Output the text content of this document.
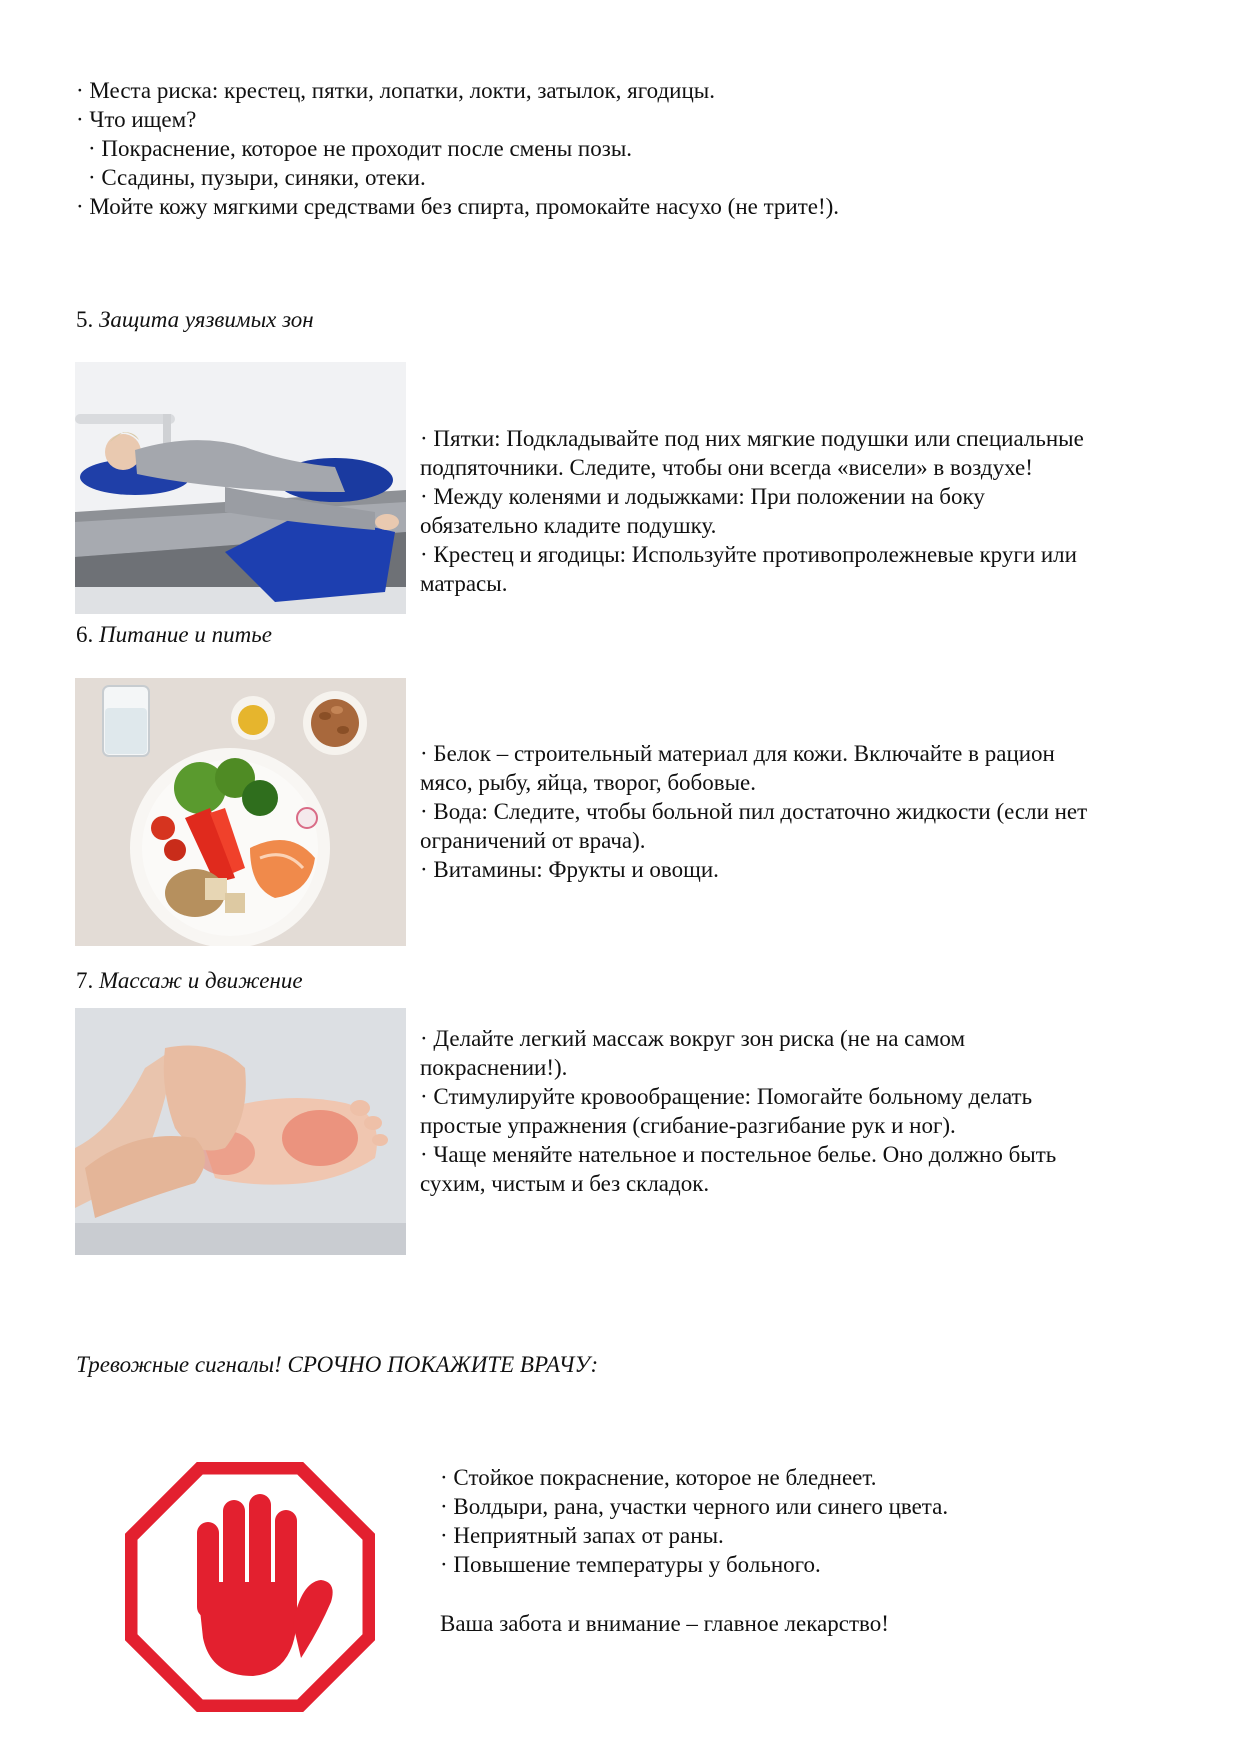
· Места риска: крестец, пятки, лопатки, локти, затылок, ягодицы.
· Что ищем?
· Покраснение, которое не проходит после смены позы.
· Ссадины, пузыри, синяки, отеки.
· Мойте кожу мягкими средствами без спирта, промокайте насухо (не трите!).
5. Защита уязвимых зон
· Пятки: Подкладывайте под них мягкие подушки или специальные
подпяточники. Следите, чтобы они всегда «висели» в воздухе!
· Между коленями и лодыжками: При положении на боку
обязательно кладите подушку.
· Крестец и ягодицы: Используйте противопролежневые круги или
матрасы.
6. Питание и питье
· Белок – строительный материал для кожи. Включайте в рацион
мясо, рыбу, яйца, творог, бобовые.
· Вода: Следите, чтобы больной пил достаточно жидкости (если нет
ограничений от врача).
· Витамины: Фрукты и овощи.
7. Массаж и движение
· Делайте легкий массаж вокруг зон риска (не на самом
покраснении!).
· Стимулируйте кровообращение: Помогайте больному делать
простые упражнения (сгибание-разгибание рук и ног).
· Чаще меняйте нательное и постельное белье. Оно должно быть
сухим, чистым и без складок.
Тревожные сигналы! СРОЧНО ПОКАЖИТЕ ВРАЧУ:
· Стойкое покраснение, которое не бледнеет.
· Волдыри, рана, участки черного или синего цвета.
· Неприятный запах от раны.
· Повышение температуры у больного.
Ваша забота и внимание – главное лекарство!
